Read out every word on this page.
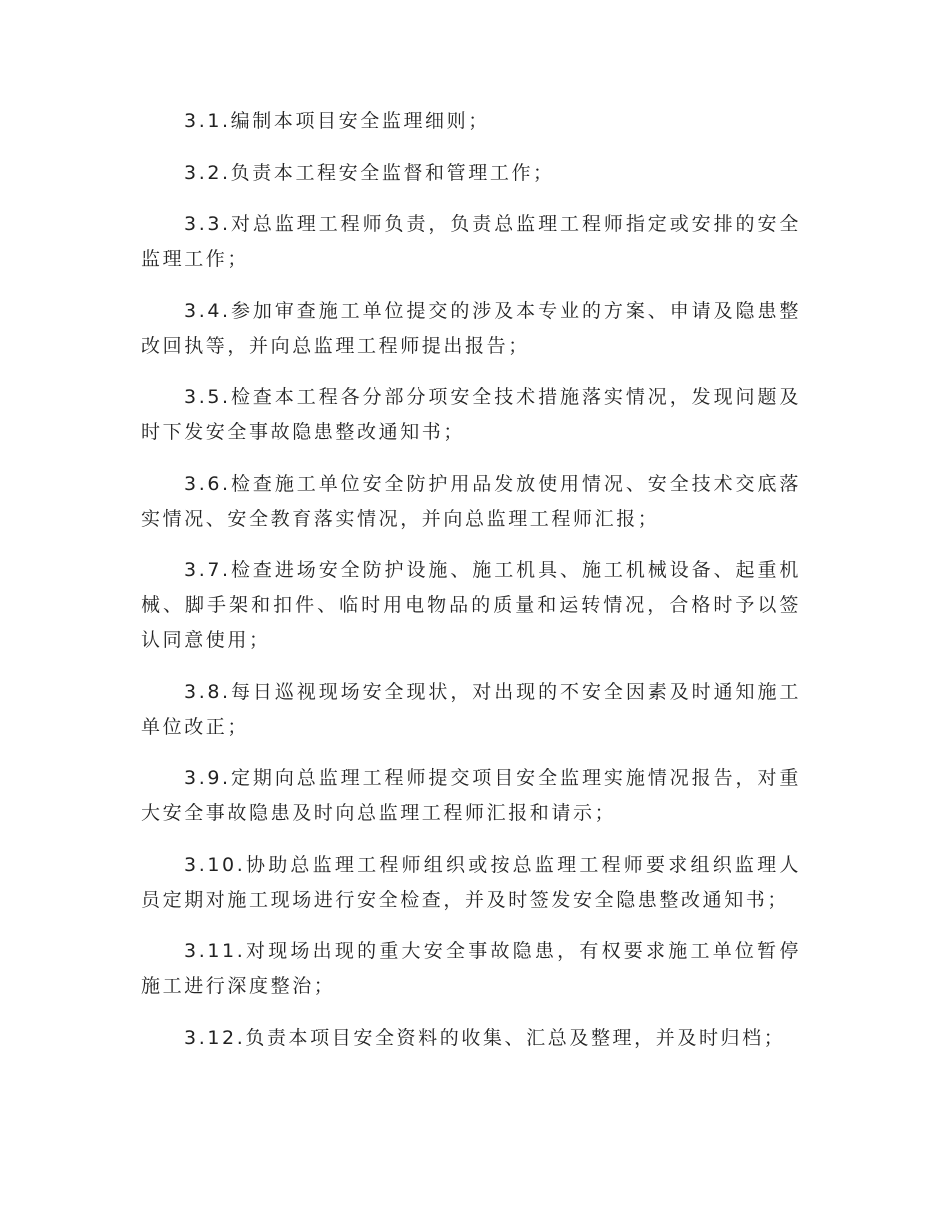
3.1.编制本项目安全监理细则；

3.2.负责本工程安全监督和管理工作；

3.3.对总监理工程师负责，负责总监理工程师指定或安排的安全监理工作；

3.4.参加审查施工单位提交的涉及本专业的方案、申请及隐患整改回执等，并向总监理工程师提出报告；

3.5.检查本工程各分部分项安全技术措施落实情况，发现问题及时下发安全事故隐患整改通知书；

3.6.检查施工单位安全防护用品发放使用情况、安全技术交底落实情况、安全教育落实情况，并向总监理工程师汇报；

3.7.检查进场安全防护设施、施工机具、施工机械设备、起重机械、脚手架和扣件、临时用电物品的质量和运转情况，合格时予以签认同意使用；

3.8.每日巡视现场安全现状，对出现的不安全因素及时通知施工单位改正；

3.9.定期向总监理工程师提交项目安全监理实施情况报告，对重大安全事故隐患及时向总监理工程师汇报和请示；

3.10.协助总监理工程师组织或按总监理工程师要求组织监理人员定期对施工现场进行安全检查，并及时签发安全隐患整改通知书；

3.11.对现场出现的重大安全事故隐患，有权要求施工单位暂停施工进行深度整治；

3.12.负责本项目安全资料的收集、汇总及整理，并及时归档；
